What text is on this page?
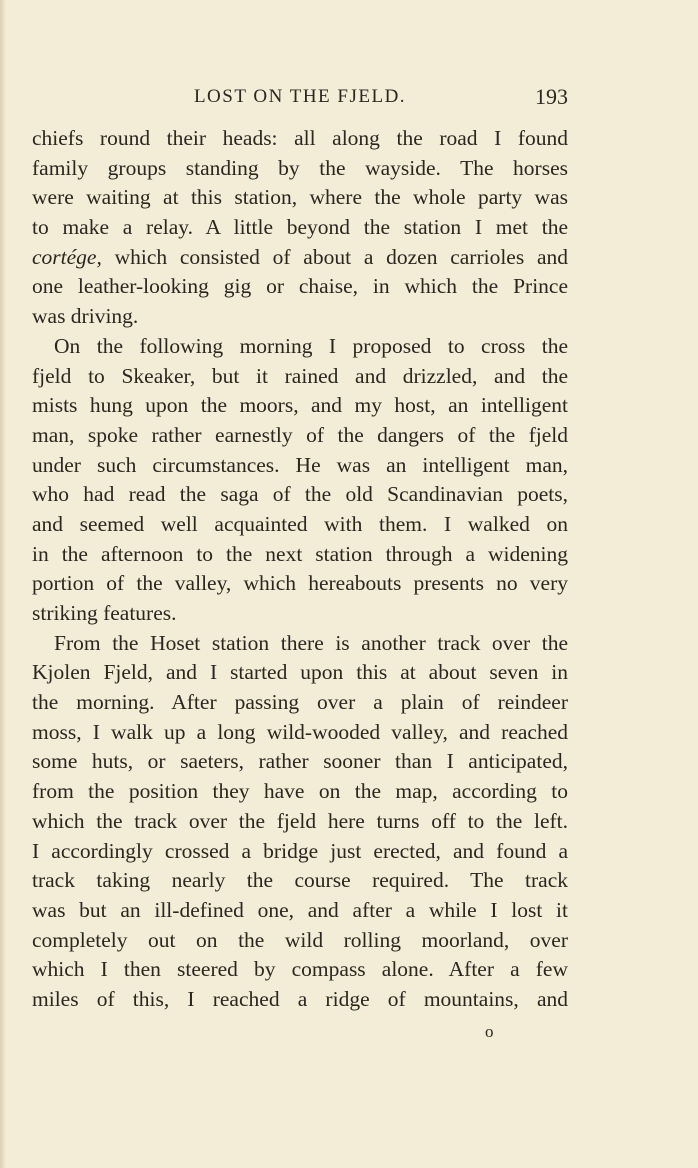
LOST ON THE FJELD.	193
chiefs round their heads: all along the road I found
family groups standing by the wayside. The horses
were waiting at this station, where the whole party was
to make a relay. A little beyond the station I met the
cortége, which consisted of about a dozen carrioles and
one leather-looking gig or chaise, in which the Prince
was driving.
On the following morning I proposed to cross the
fjeld to Skeaker, but it rained and drizzled, and the
mists hung upon the moors, and my host, an intelligent
man, spoke rather earnestly of the dangers of the fjeld
under such circumstances. He was an intelligent man,
who had read the saga of the old Scandinavian poets,
and seemed well acquainted with them. I walked on
in the afternoon to the next station through a widening
portion of the valley, which hereabouts presents no very
striking features.
From the Hoset station there is another track over the
Kjolen Fjeld, and I started upon this at about seven in
the morning. After passing over a plain of reindeer
moss, I walk up a long wild-wooded valley, and reached
some huts, or saeters, rather sooner than I anticipated,
from the position they have on the map, according to
which the track over the fjeld here turns off to the left.
I accordingly crossed a bridge just erected, and found a
track taking nearly the course required. The track
was but an ill-defined one, and after a while I lost it
completely out on the wild rolling moorland, over
which I then steered by compass alone. After a few
miles of this, I reached a ridge of mountains, and
o
